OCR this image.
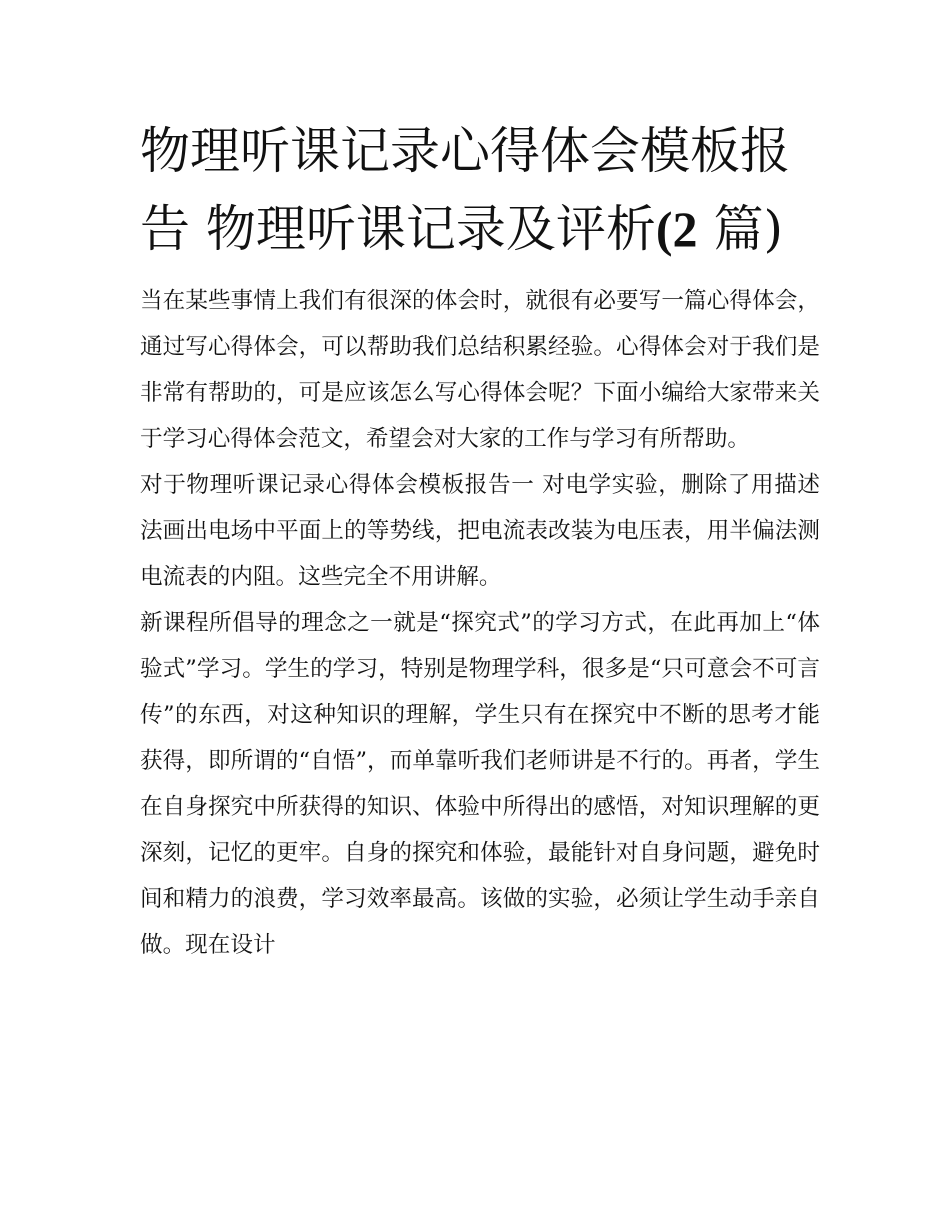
物理听课记录心得体会模板报
告 物理听课记录及评析(2 篇)

当在某些事情上我们有很深的体会时，就很有必要写一篇心得体会，通过写心得体会，可以帮助我们总结积累经验。心得体会对于我们是非常有帮助的，可是应该怎么写心得体会呢？下面小编给大家带来关于学习心得体会范文，希望会对大家的工作与学习有所帮助。

对于物理听课记录心得体会模板报告一 对电学实验，删除了用描述法画出电场中平面上的等势线，把电流表改装为电压表，用半偏法测电流表的内阻。这些完全不用讲解。

新课程所倡导的理念之一就是“探究式”的学习方式，在此再加上“体验式”学习。学生的学习，特别是物理学科，很多是“只可意会不可言传”的东西，对这种知识的理解，学生只有在探究中不断的思考才能获得，即所谓的“自悟”，而单靠听我们老师讲是不行的。再者，学生在自身探究中所获得的知识、体验中所得出的感悟，对知识理解的更深刻，记忆的更牢。自身的探究和体验，最能针对自身问题，避免时间和精力的浪费，学习效率最高。该做的实验，必须让学生动手亲自做。现在设计
